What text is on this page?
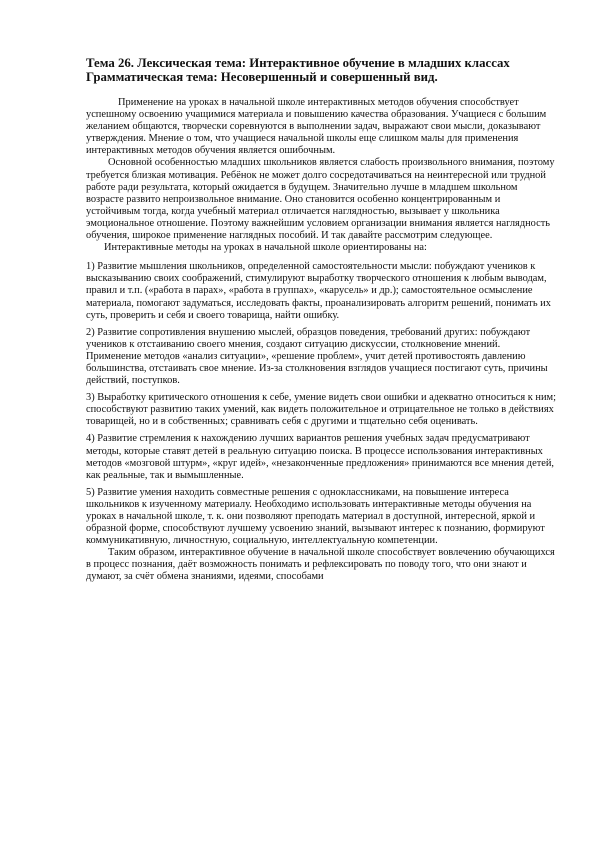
Тема 26. Лексическая тема: Интерактивное обучение в младших классах

Грамматическая тема: Несовершенный и совершенный вид.

Применение на уроках в начальной школе интерактивных методов обучения способствует успешному освоению учащимися материала и повышению качества образования. Учащиеся с большим желанием общаются, творчески соревнуются в выполнении задач, выражают свои мысли, доказывают утверждения. Мнение о том, что учащиеся начальной школы еще слишком малы для применения интерактивных методов обучения является ошибочным.

Основной особенностью младших школьников является слабость произвольного внимания, поэтому требуется близкая мотивация. Ребёнок не может долго сосредотачиваться на неинтересной или трудной работе ради результата, который ожидается в будущем. Значительно лучше в младшем школьном возрасте развито непроизвольное внимание. Оно становится особенно концентрированным и устойчивым тогда, когда учебный материал отличается наглядностью, вызывает у школьника эмоциональное отношение. Поэтому важнейшим условием организации внимания является наглядность обучения, широкое применение наглядных пособий. И так давайте рассмотрим следующее.

Интерактивные методы на уроках в начальной школе ориентированы на:

1) Развитие мышления школьников, определенной самостоятельности мысли: побуждают учеников к высказыванию своих соображений, стимулируют выработку творческого отношения к любым выводам, правил и т.п. («работа в парах», «работа в группах», «карусель» и др.); самостоятельное осмысление материала, помогают задуматься, исследовать факты, проанализировать алгоритм решений, понимать их суть, проверить и себя и своего товарища, найти ошибку.

2) Развитие сопротивления внушению мыслей, образцов поведения, требований других: побуждают учеников к отстаиванию своего мнения, создают ситуацию дискуссии, столкновение мнений. Применение методов «анализ ситуации», «решение проблем», учит детей противостоять давлению большинства, отстаивать свое мнение. Из-за столкновения взглядов учащиеся постигают суть, причины действий, поступков.

3) Выработку критического отношения к себе, умение видеть свои ошибки и адекватно относиться к ним; способствуют развитию таких умений, как видеть положительное и отрицательное не только в действиях товарищей, но и в собственных; сравнивать себя с другими и тщательно себя оценивать.

4) Развитие стремления к нахождению лучших вариантов решения учебных задач предусматривают методы, которые ставят детей в реальную ситуацию поиска. В процессе использования интерактивных методов «мозговой штурм», «круг идей», «незаконченные предложения» принимаются все мнения детей, как реальные, так и вымышленные.

5) Развитие умения находить совместные решения с одноклассниками, на повышение интереса школьников к изученному материалу. Необходимо использовать интерактивные методы обучения на уроках в начальной школе, т. к. они позволяют преподать материал в доступной, интересной, яркой и образной форме, способствуют лучшему усвоению знаний, вызывают интерес к познанию, формируют коммуникативную, личностную, социальную, интеллектуальную компетенции.

Таким образом, интерактивное обучение в начальной школе способствует вовлечению обучающихся в процесс познания, даёт возможность понимать и рефлексировать по поводу того, что они знают и думают, за счёт обмена знаниями, идеями, способами
